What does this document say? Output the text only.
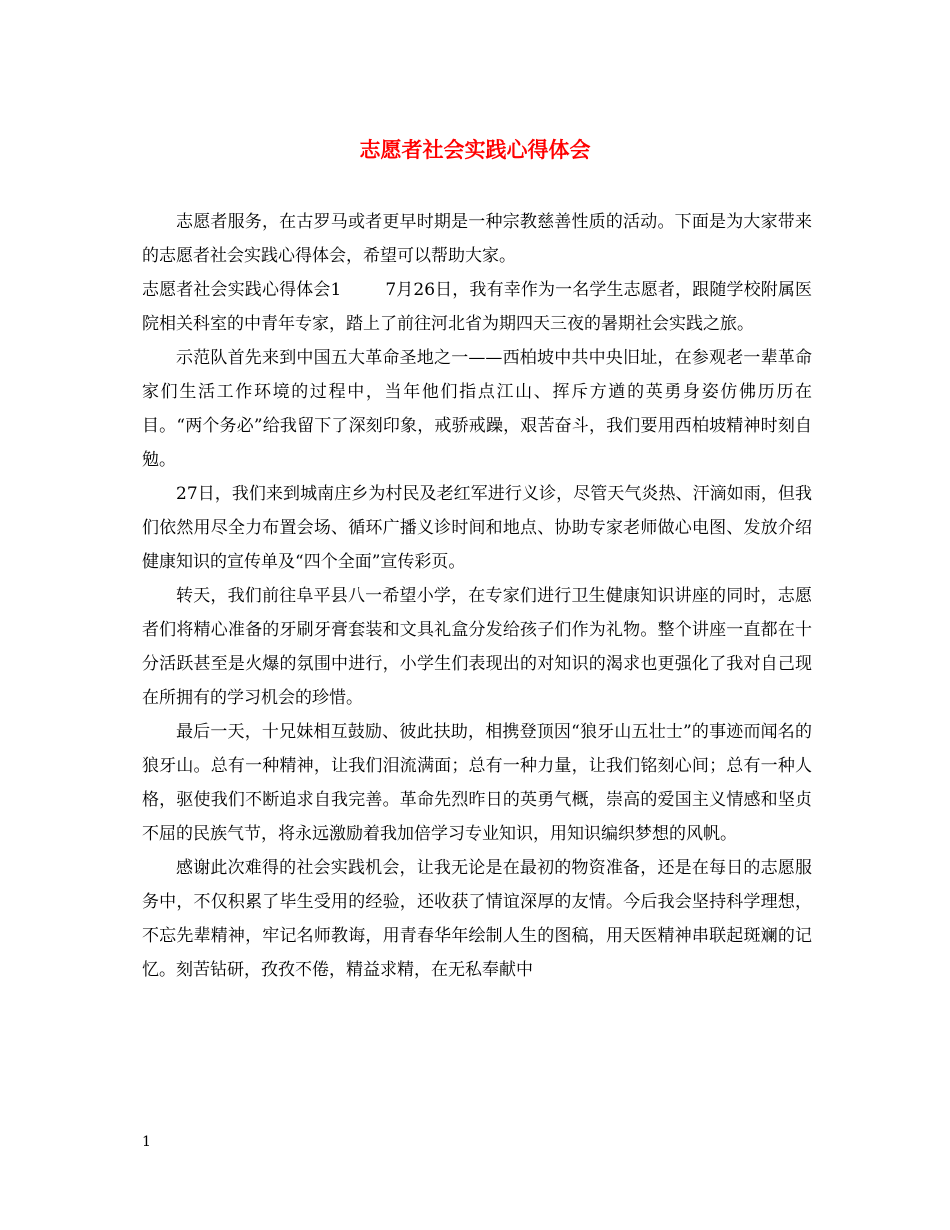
志愿者社会实践心得体会

志愿者服务，在古罗马或者更早时期是一种宗教慈善性质的活动。下面是为大家带来的志愿者社会实践心得体会，希望可以帮助大家。

志愿者社会实践心得体会1	7月26日，我有幸作为一名学生志愿者，跟随学校附属医院相关科室的中青年专家，踏上了前往河北省为期四天三夜的暑期社会实践之旅。

示范队首先来到中国五大革命圣地之一——西柏坡中共中央旧址，在参观老一辈革命家们生活工作环境的过程中，当年他们指点江山、挥斥方遒的英勇身姿仿佛历历在目。“两个务必”给我留下了深刻印象，戒骄戒躁，艰苦奋斗，我们要用西柏坡精神时刻自勉。

27日，我们来到城南庄乡为村民及老红军进行义诊，尽管天气炎热、汗滴如雨，但我们依然用尽全力布置会场、循环广播义诊时间和地点、协助专家老师做心电图、发放介绍健康知识的宣传单及“四个全面”宣传彩页。

转天，我们前往阜平县八一希望小学，在专家们进行卫生健康知识讲座的同时，志愿者们将精心准备的牙刷牙膏套装和文具礼盒分发给孩子们作为礼物。整个讲座一直都在十分活跃甚至是火爆的氛围中进行，小学生们表现出的对知识的渴求也更强化了我对自己现在所拥有的学习机会的珍惜。

最后一天，十兄妹相互鼓励、彼此扶助，相携登顶因“狼牙山五壮士”的事迹而闻名的狼牙山。总有一种精神，让我们泪流满面；总有一种力量，让我们铭刻心间；总有一种人格，驱使我们不断追求自我完善。革命先烈昨日的英勇气概，崇高的爱国主义情感和坚贞不屈的民族气节，将永远激励着我加倍学习专业知识，用知识编织梦想的风帆。

感谢此次难得的社会实践机会，让我无论是在最初的物资准备，还是在每日的志愿服务中，不仅积累了毕生受用的经验，还收获了情谊深厚的友情。今后我会坚持科学理想，不忘先辈精神，牢记名师教诲，用青春华年绘制人生的图稿，用天医精神串联起斑斓的记忆。刻苦钻研，孜孜不倦，精益求精，在无私奉献中

1
